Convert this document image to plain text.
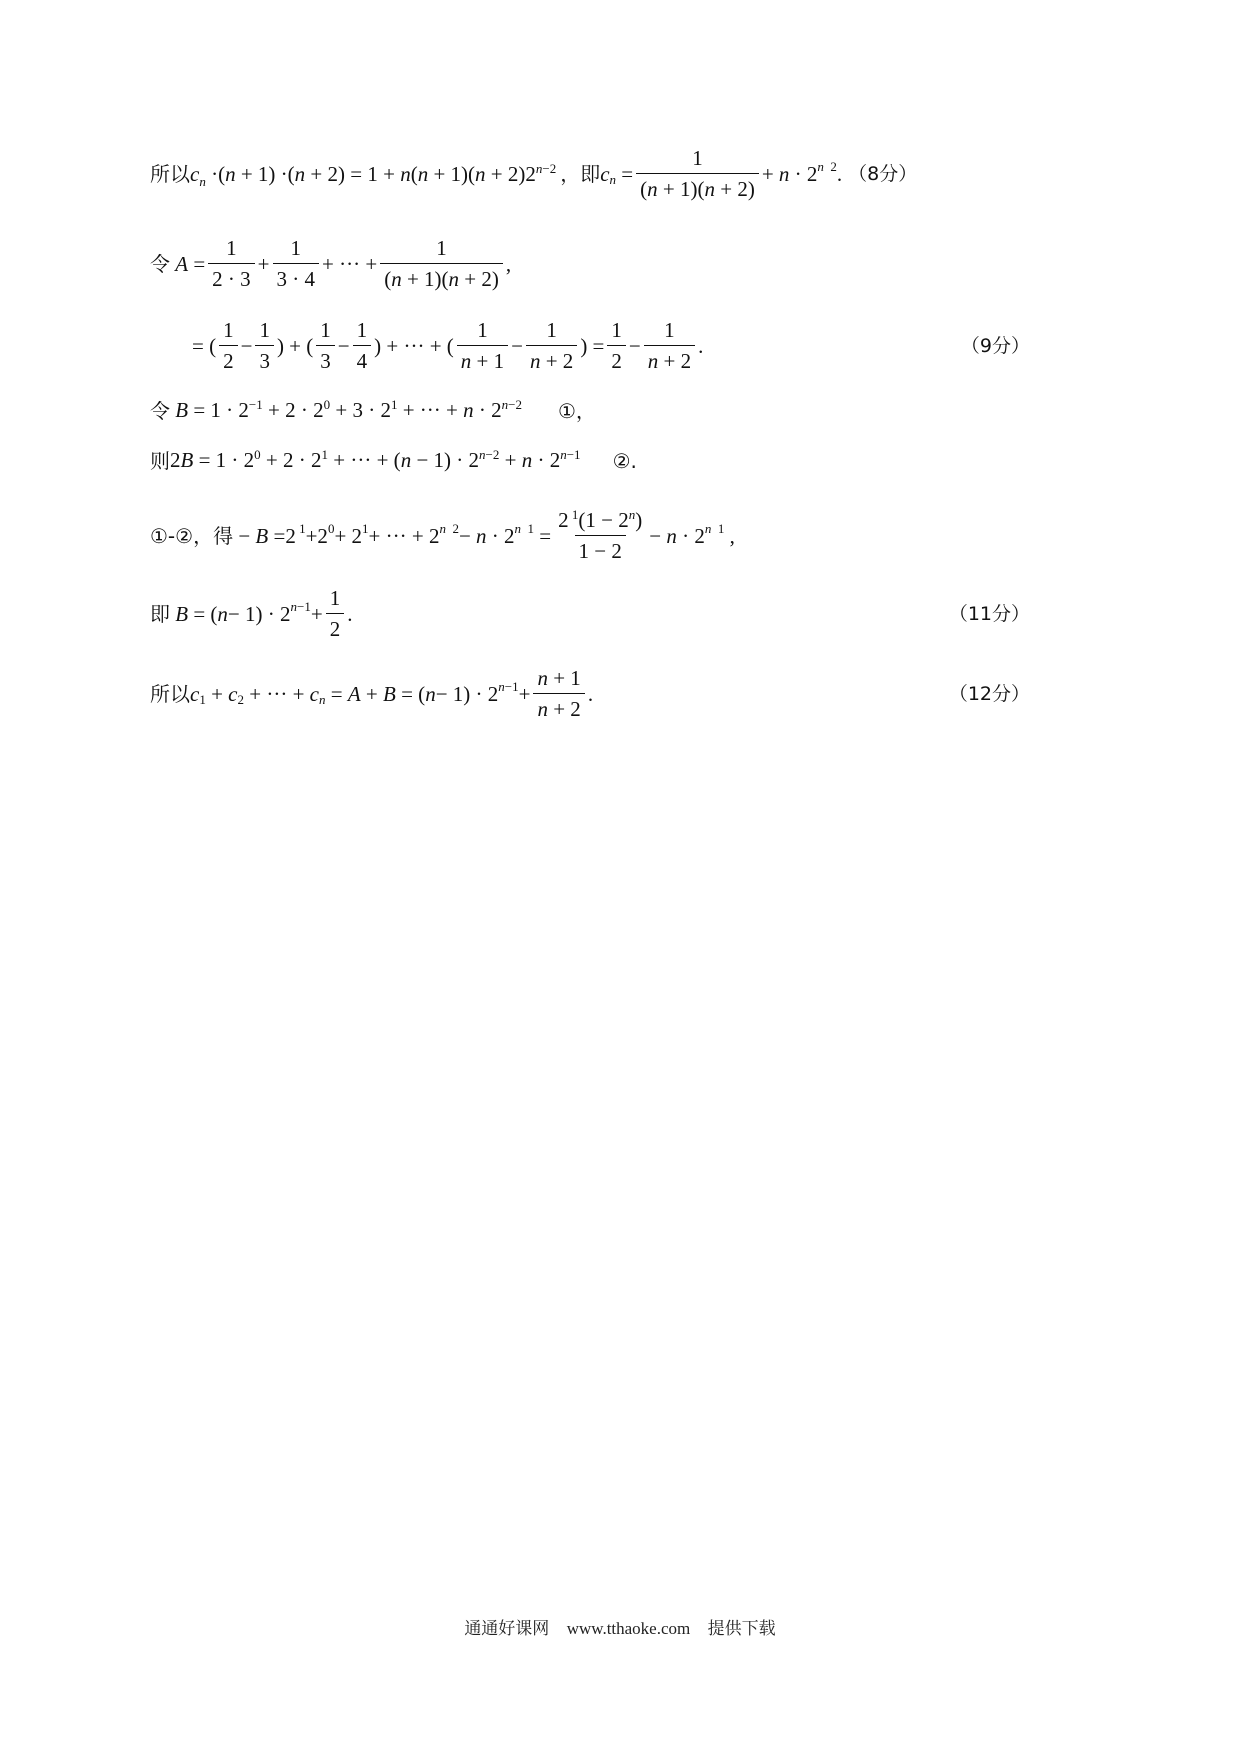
所以 $c_n \cdot(n + 1) \cdot(n + 2) = 1 + n(n + 1)(n + 2)2^{n-2}$ ，即 $c_n = \frac{1}{(n + 1)(n + 2)} + n \cdot 2$ $^{n 2}$ . （8分）
令
$A = \frac{1}{2 \cdot 3} + \frac{1}{3 \cdot 4}$ + ··· + $\frac{1}{(n + 1)(n + 2)}$ ,
= ( $\frac{1}{2} - \frac{1}{3}$ ) + ( $\frac{1}{3} - \frac{1}{4}$ ) + ··· + ( $\frac{1}{n + 1} - \frac{1}{n + 2}$ ) = $\frac{1}{2} - \frac{1}{n + 2}$ .	（9分）
令 $B = 1 \cdot 2^{-1} + 2 \cdot 2^0 + 3 \cdot 2^1$ + ··· + $n \cdot 2^{n-2}$ ①，
则 $2B = 1 \cdot 2^0 + 2 \cdot 2^1$ + ··· + $(n - 1) \cdot 2^{n-2} + n \cdot 2^{n-1}$ ②.
①-②，得 − B =2 $^1 +2^0 + 2^1$ + ··· + 2 $^{n 2}$ − n · 2 $^{n 1} = \frac{2 ^1(1 - 2^n)}{1 - 2} - n \cdot 2$ $^{n 1}$ ,
即
B = ( n − 1) · 2 $^{n-1} + \frac{1}{2}$ .	（11分）
所以 $c_1 + c_2$ + ··· + $c_n = A + B$ = ( n − 1) · 2 $^{n-1} + \frac{n + 1}{n + 2}$ .	（12分）
通通好课网 www.tthaoke.com 提供下载
